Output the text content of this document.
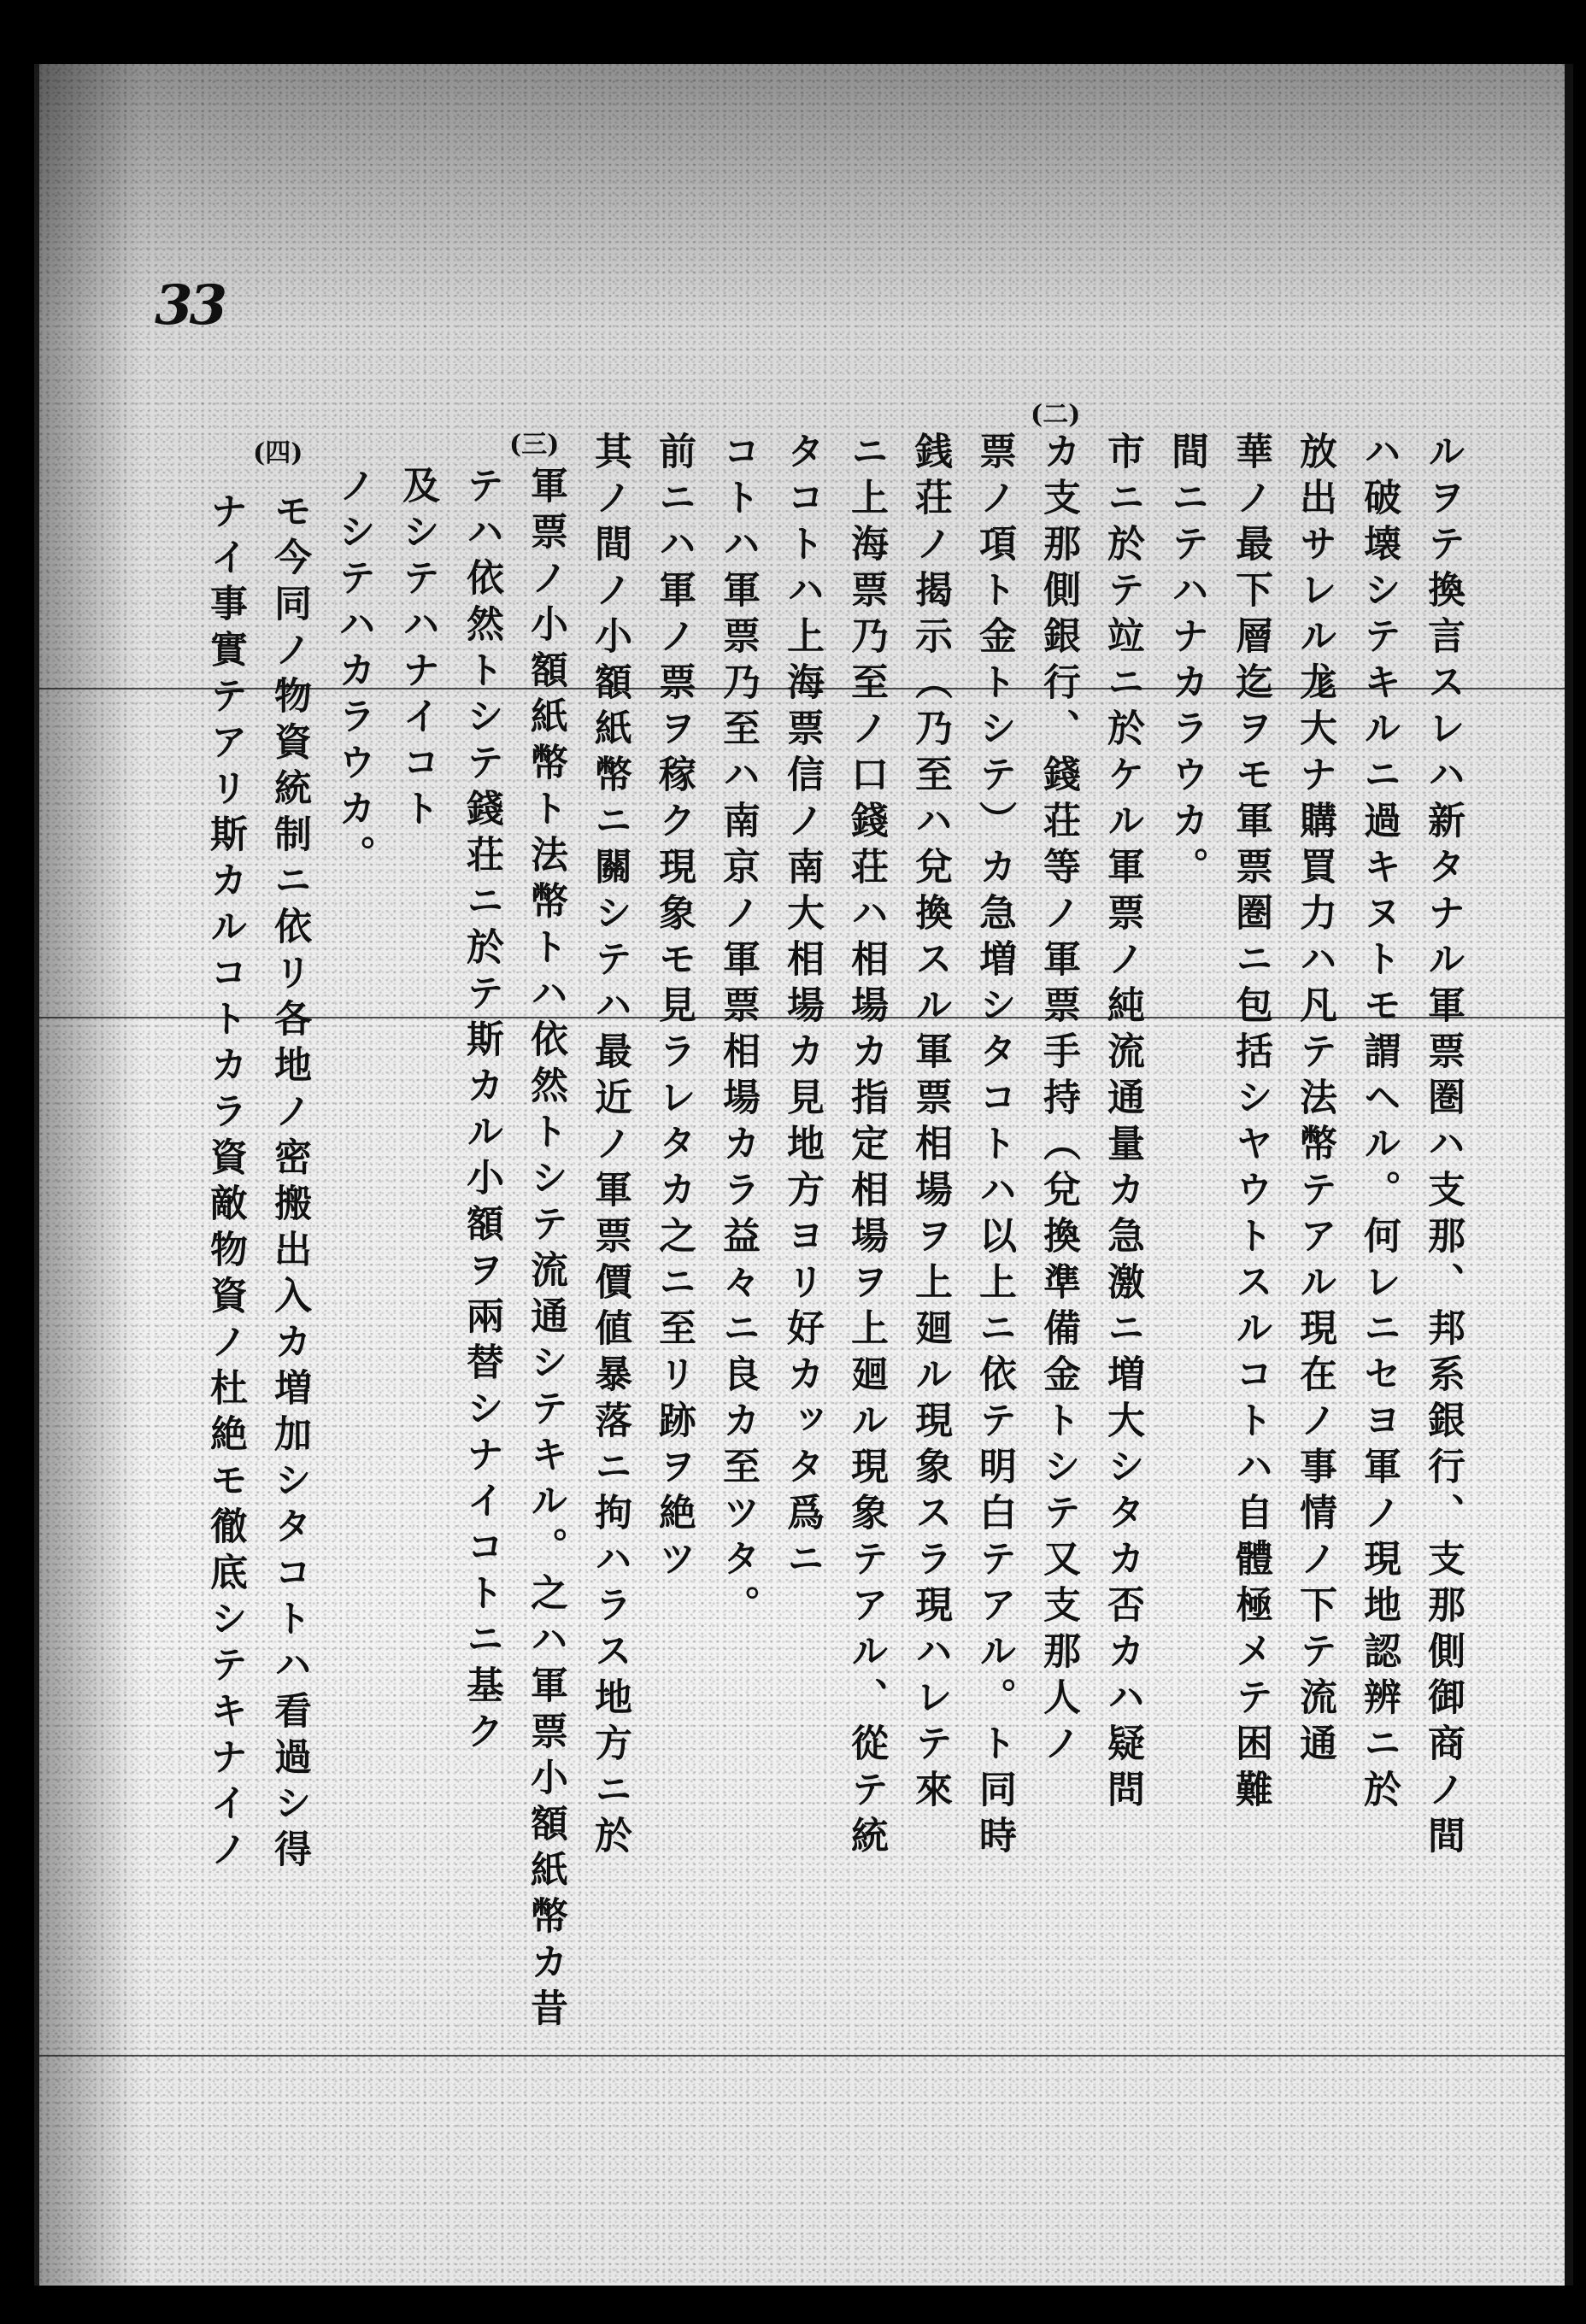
33
(二)
(三)
(四)	ルヲテ換言スレハ新タナル軍票圏ハ支那、邦系銀行、支那側御商ノ間
ハ破壊シテキルニ過キヌトモ謂ヘル。何レニセヨ軍ノ現地認辨ニ於
放出サレル尨大ナ購買力ハ凡テ法幣テアル現在ノ事情ノ下テ流通
華ノ最下層迄ヲモ軍票圏ニ包括シヤウトスルコトハ自體極メテ困難
間ニテハナカラウカ。
市ニ於テ竝ニ於ケル軍票ノ純流通量カ急激ニ増大シタカ否カハ疑問
カ支那側銀行、錢荘等ノ軍票手持（兌換準備金トシテ又支那人ノ
票ノ項ト金トシテ）カ急増シタコトハ以上ニ依テ明白テアル。ト同時
銭荘ノ揭示（乃至ハ兌換スル軍票相場ヲ上廻ル現象スラ現ハレテ來
ニ上海票乃至ノ口錢荘ハ相場カ指定相場ヲ上廻ル現象テアル、從テ統
タコトハ上海票信ノ南大相場カ見地方ヨリ好カッタ爲ニ
コトハ軍票乃至ハ南京ノ軍票相場カラ益々ニ良カ至ツタ。
前ニハ軍ノ票ヲ稼ク現象モ見ラレタカ之ニ至リ跡ヲ絶ツ
其ノ間ノ小額紙幣ニ關シテハ最近ノ軍票價値暴落ニ拘ハラス地方ニ於
軍票ノ小額紙幣ト法幣トハ依然トシテ流通シテキル。之ハ軍票小額紙幣カ昔
テハ依然トシテ錢荘ニ於テ斯カル小額ヲ兩替シナイコトニ基ク
及シテハナイコト
ノシテハカラウカ。
モ今同ノ物資統制ニ依リ各地ノ密搬出入カ増加シタコトハ看過シ得
ナイ事實テアリ斯カルコトカラ資敵物資ノ杜絶モ徹底シテキナイノ
